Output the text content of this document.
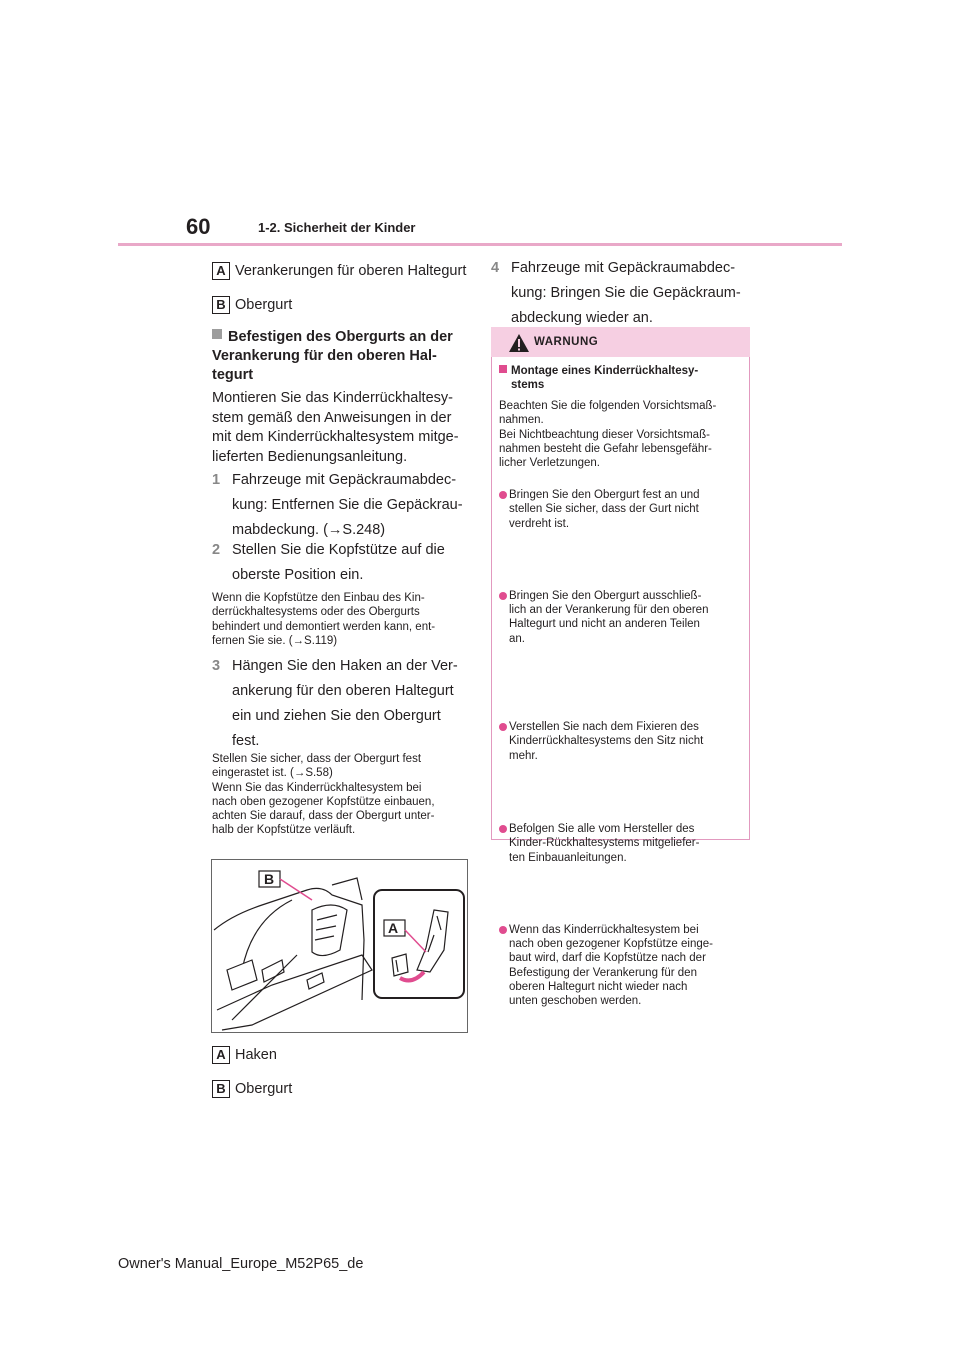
60	1-2. Sicherheit der Kinder
A Verankerungen für oberen Haltegurt
B Obergurt
Befestigen des Obergurts an der Verankerung für den oberen Hal-tegurt
Montieren Sie das Kinderrückhaltesy-
stem gemäß den Anweisungen in der
mit dem Kinderrückhaltesystem mitge-
lieferten Bedienungsanleitung.
1 Fahrzeuge mit Gepäckraumabdec-
kung: Entfernen Sie die Gepäckrau-
mabdeckung. (→S.248)
2 Stellen Sie die Kopfstütze auf die
oberste Position ein.
Wenn die Kopfstütze den Einbau des Kin-
derrückhaltesystems oder des Obergurts
behindert und demontiert werden kann, ent-
fernen Sie sie. (→S.119)
3 Hängen Sie den Haken an der Ver-
ankerung für den oberen Haltegurt
ein und ziehen Sie den Obergurt
fest.
Stellen Sie sicher, dass der Obergurt fest
eingerastet ist. (→S.58)
Wenn Sie das Kinderrückhaltesystem bei
nach oben gezogener Kopfstütze einbauen,
achten Sie darauf, dass der Obergurt unter-
halb der Kopfstütze verläuft.
B
A
A Haken
B Obergurt
4 Fahrzeuge mit Gepäckraumabdec-
kung: Bringen Sie die Gepäckraum-
abdeckung wieder an.
WARNUNG
Montage eines Kinderrückhaltesy-
stems
Beachten Sie die folgenden Vorsichtsmaß-
nahmen.
Bei Nichtbeachtung dieser Vorsichtsmaß-
nahmen besteht die Gefahr lebensgefähr-
licher Verletzungen.
Bringen Sie den Obergurt fest an und
stellen Sie sicher, dass der Gurt nicht
verdreht ist.
Bringen Sie den Obergurt ausschließ-
lich an der Verankerung für den oberen
Haltegurt und nicht an anderen Teilen
an.
Verstellen Sie nach dem Fixieren des
Kinderrückhaltesystems den Sitz nicht
mehr.
Befolgen Sie alle vom Hersteller des
Kinder-Rückhaltesystems mitgeliefer-
ten Einbauanleitungen.
Wenn das Kinderrückhaltesystem bei
nach oben gezogener Kopfstütze einge-
baut wird, darf die Kopfstütze nach der
Befestigung der Verankerung für den
oberen Haltegurt nicht wieder nach
unten geschoben werden.
Owner's Manual_Europe_M52P65_de
